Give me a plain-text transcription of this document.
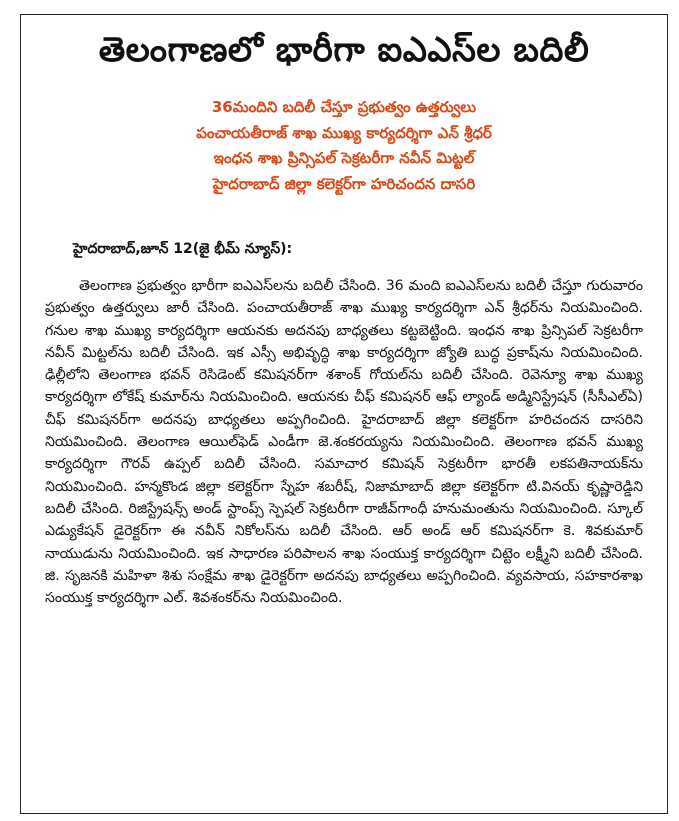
తెలంగాణలో భారీగా ఐఎఎస్‌ల బదిలీ
36మందిని బదిలీ చేస్తూ ప్రభుత్వం ఉత్తర్వులు
పంచాయతీరాజ్ శాఖ ముఖ్య కార్యదర్శిగా ఎన్ శ్రీధర్
ఇంధన శాఖ ప్రిన్సిపల్ సెక్రటరీగా నవీన్ మిట్టల్
హైదరాబాద్ జిల్లా కలెక్టర్‌గా హరిచందన దాసరి
హైదరాబాద్,జూన్ 12(జై భీమ్ న్యూస్):
తెలంగాణ ప్రభుత్వం భారీగా ఐఎఎస్‌లను బదిలీ చేసింది. 36 మంది ఐఎఎస్‌లను బదిలీ చేస్తూ గురువారం ప్రభుత్వం ఉత్తర్వులు జారీ చేసింది. పంచాయతీరాజ్ శాఖ ముఖ్య కార్యదర్శిగా ఎన్ శ్రీధర్‌ను నియమించింది. గనుల శాఖ ముఖ్య కార్యదర్శిగా ఆయనకు అదనపు బాధ్యతలు కట్టబెట్టింది. ఇంధన శాఖ ప్రిన్సిపల్ సెక్రటరీగా నవీన్ మిట్టల్‌ను బదిలీ చేసింది. ఇక ఎస్సీ అభివృద్ధి శాఖ కార్యదర్శిగా జ్యోతి బుద్ధ ప్రకాష్‌ను నియమించింది. ఢిల్లీలోని తెలంగాణ భవన్ రెసిడెంట్ కమిషనర్‌గా శశాంక్ గోయల్‌ను బదిలీ చేసింది. రెవెన్యూ శాఖ ముఖ్య కార్యదర్శిగా లోకేష్ కుమార్‌ను నియమించింది. ఆయనకు చీఫ్ కమిషనర్ ఆఫ్ ల్యాండ్ అడ్మినిస్ట్రేషన్ (సీసీఎల్ఏ) చీఫ్ కమిషనర్‌గా అదనపు బాధ్యతలు అప్పగించింది. హైదరాబాద్ జిల్లా కలెక్టర్‌గా హరిచందన దాసరిని నియమించింది. తెలంగాణ ఆయిల్‌ఫెడ్ ఎండీగా జె.శంకరయ్యను నియమించింది. తెలంగాణ భవన్ ముఖ్య కార్యదర్శిగా గౌరవ్ ఉప్పల్ బదిలీ చేసింది. సమాచార కమిషన్ సెక్రటరీగా భారతీ లకపతినాయక్‌ను నియమించింది. హన్మకొండ జిల్లా కలెక్టర్‌గా స్నేహ శబరీష్, నిజామాబాద్ జిల్లా కలెక్టర్‌గా టి.వినయ్ కృష్ణారెడ్డిని బదిలీ చేసింది. రిజిస్ట్రేషన్స్ అండ్ స్టాంప్స్ స్పెషల్ సెక్రటరీగా రాజీవ్‌గాంధీ హనుమంతును నియమించింది. స్కూల్ ఎడ్యుకేషన్ డైరెక్టర్‌గా ఈ నవీన్ నికోలస్‌ను బదిలీ చేసింది. ఆర్ అండ్ ఆర్ కమిషనర్‌గా కె. శివకుమార్ నాయుడును నియమించింది. ఇక సాధారణ పరిపాలన శాఖ సంయుక్త కార్యదర్శిగా చిట్టెం లక్ష్మీని బదిలీ చేసింది. జి. సృజనకి మహిళా శిశు సంక్షేమ శాఖ డైరెక్టర్‌గా అదనపు బాధ్యతలు అప్పగించింది. వ్యవసాయ, సహకారశాఖ సంయుక్త కార్యదర్శిగా ఎల్. శివశంకర్‌ను నియమించింది.
